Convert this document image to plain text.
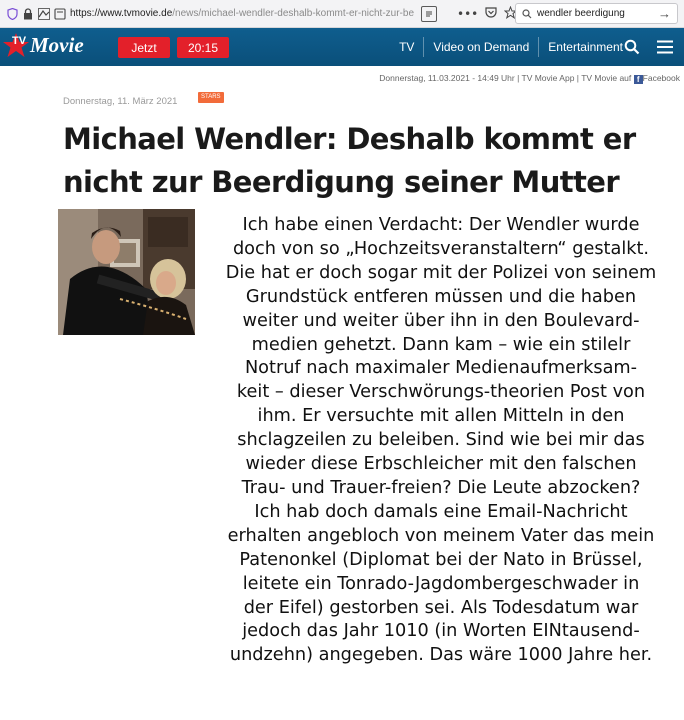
https://www.tvmovie.de /news/michael-wendler-deshalb-kommt-er-nicht-zur-be	•••	wendler beerdigung	→
TV Movie	Jetzt	20:15	TV	Video on Demand	Entertainment
Donnerstag, 11.03.2021 - 14:49 Uhr | TV Movie App | TV Movie auf f Facebook
Donnerstag, 11. März 2021	STARS
Michael Wendler: Deshalb kommt er
nicht zur Beerdigung seiner Mutter
Ich habe einen Verdacht: Der Wendler wurde
doch von so „Hochzeitsveranstaltern“ gestalkt.
Die hat er doch sogar mit der Polizei von seinem
Grundstück entferen müssen und die haben
weiter und weiter über ihn in den Boulevard-
medien gehetzt. Dann kam – wie ein stilelr
Notruf nach maximaler Medienaufmerksam-
keit – dieser Verschwörungs-theorien Post von
ihm. Er versuchte mit allen Mitteln in den
shclagzeilen zu beleiben. Sind wie bei mir das
wieder diese Erbschleicher mit den falschen
Trau- und Trauer-freien? Die Leute abzocken?
Ich hab doch damals eine Email-Nachricht
erhalten angebloch von meinem Vater das mein
Patenonkel (Diplomat bei der Nato in Brüssel,
leitete ein Tonrado-Jagdombergeschwader in
der Eifel) gestorben sei. Als Todesdatum war
jedoch das Jahr 1010 (in Worten EINtausend-
undzehn) angegeben. Das wäre 1000 Jahre her.
